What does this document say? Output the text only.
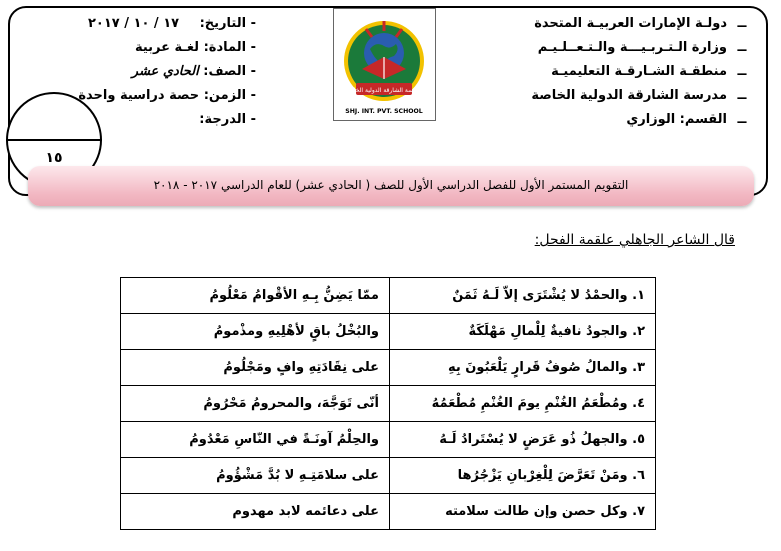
ــدولـة الإمارات العربيـة المتحدة
ــوزارة الـتـربـيـــة والـتـعــلـيـم
ــمنطقـة الشـارقـة التعليميـة
ــمدرسة الشارقة الدولية الخاصة
ــالقسم: الوزاري
- التاريخ: ١٧ / ١٠ / ٢٠١٧
- المادة: لغـة عربية
- الصف: الحادي عشر
- الزمن: حصة دراسية واحدة
- الدرجة:
مدرسة الشارقة الدولية الخاصة
SHJ. INT. PVT. SCHOOL
١٥
التقويم المستمر الأول للفصل الدراسي الأول للصف ( الحادي عشر) للعام الدراسي ٢٠١٧ - ٢٠١٨
قال الشاعر الجاهلي علقمة الفحل:
١. والحمْدُ لا يُشْتَرَى إلاّ لَـهُ ثَمَنٌ	ممّا يَضِنُّ بِـهِ الأقْوامُ مَعْلُومُ
٢. والجودُ نافيةٌ لِلْمالِ مَهْلَكَةٌ	والبُخْلُ باقٍ لأهْلِيهِ ومذْمومُ
٣. والمالُ صُوفُ قَرارٍ يَلْعَبُونَ بِهِ	على نِقَادَتِهِ وافٍ ومَجْلُومُ
٤. ومُطْعَمُ الغُنْمِ يومَ الغُنْمِ مُطْعَمُهُ	أنّى تَوَجَّهَ، والمحرومُ مَحْرُومُ
٥. والجهلُ ذُو عَرَضٍ لا يُسْتَرادُ لَـهُ	والحِلْمُ آونَـةً في النّاسِ مَعْدُومُ
٦. ومَنْ تَعَرَّضَ لِلْغِرْبانِ يَزْجُرُها	على سلامَتِـهِ لا بُدَّ مَشْؤُومُ
٧. وكل حصن وإن طالت سلامته	على دعائمه لابد مهدوم
